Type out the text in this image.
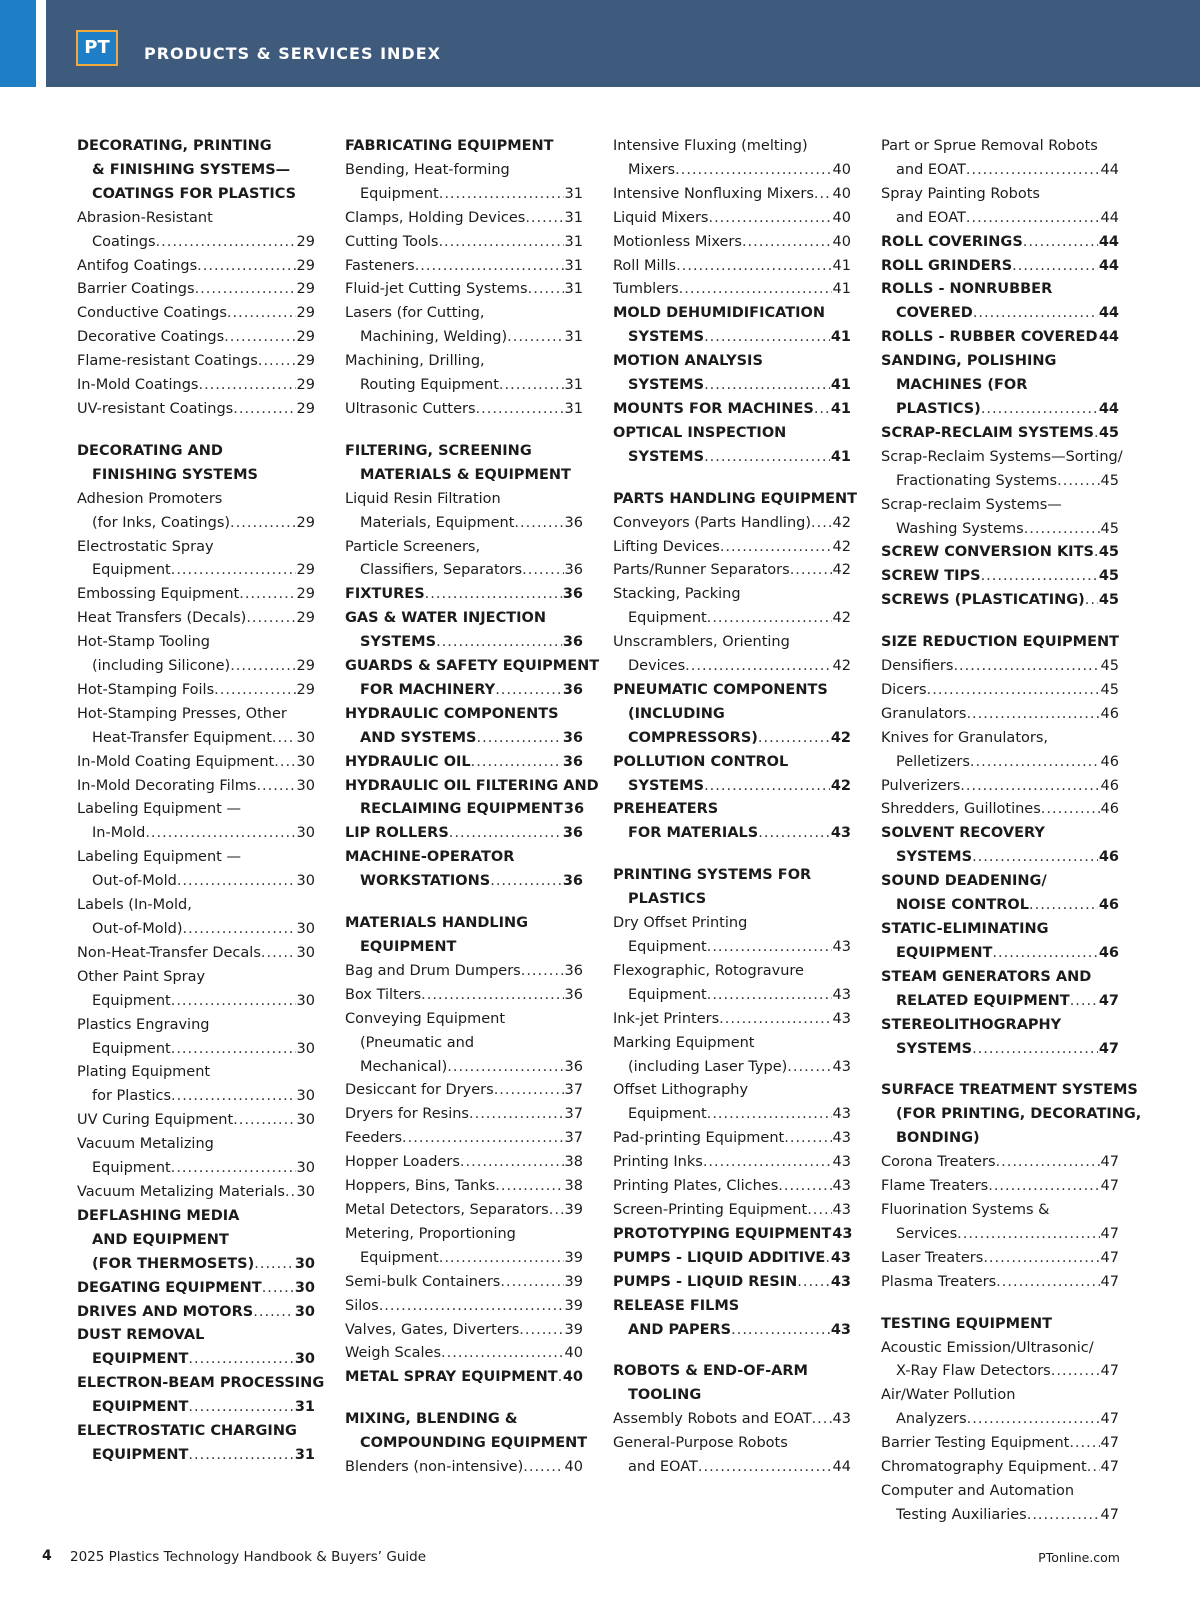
PT	PRODUCTS & SERVICES INDEX
DECORATING, PRINTING
& FINISHING SYSTEMS—
COATINGS FOR PLASTICS
Abrasion-Resistant
Coatings .....	29
Antifog Coatings .....	29
Barrier Coatings .....	29
Conductive Coatings .....	29
Decorative Coatings .....	29
Flame-resistant Coatings .....	29
In-Mold Coatings .....	29
UV-resistant Coatings .....	29
DECORATING AND
FINISHING SYSTEMS
Adhesion Promoters
(for Inks, Coatings) .....	29
Electrostatic Spray
Equipment .....	29
Embossing Equipment .....	29
Heat Transfers (Decals) .....	29
Hot-Stamp Tooling
(including Silicone) .....	29
Hot-Stamping Foils .....	29
Hot-Stamping Presses, Other
Heat-Transfer Equipment ..... 30
In-Mold Coating Equipment ..... 30
In-Mold Decorating Films .....	30
Labeling Equipment —
In-Mold .....	30
Labeling Equipment —
Out-of-Mold .....	30
Labels (In-Mold,
Out-of-Mold) .....	30
Non-Heat-Transfer Decals ..... 30
Other Paint Spray
Equipment .....	30
Plastics Engraving
Equipment .....	30
Plating Equipment
for Plastics .....	30
UV Curing Equipment .....	30
Vacuum Metalizing
Equipment .....	30
Vacuum Metalizing Materials ..... 30
DEFLASHING MEDIA
AND EQUIPMENT
(FOR THERMOSETS) .....	30
DEGATING EQUIPMENT ..... 30
DRIVES AND MOTORS .....	30
DUST REMOVAL
EQUIPMENT .....	30
ELECTRON-BEAM PROCESSING
EQUIPMENT .....	31
ELECTROSTATIC CHARGING
EQUIPMENT .....	31
FABRICATING EQUIPMENT
Bending, Heat-forming
Equipment .....	31
Clamps, Holding Devices .....	31
Cutting Tools .....	31
Fasteners .....	31
Fluid-jet Cutting Systems .....	31
Lasers (for Cutting,
Machining, Welding) .....	31
Machining, Drilling,
Routing Equipment .....	31
Ultrasonic Cutters .....	31
FILTERING, SCREENING
MATERIALS & EQUIPMENT
Liquid Resin Filtration
Materials, Equipment .....	36
Particle Screeners,
Classifiers, Separators .....	36
FIXTURES .....	36
GAS & WATER INJECTION
SYSTEMS .....	36
GUARDS & SAFETY EQUIPMENT
FOR MACHINERY .....	36
HYDRAULIC COMPONENTS
AND SYSTEMS .....	36
HYDRAULIC OIL .....	36
HYDRAULIC OIL FILTERING AND
RECLAIMING EQUIPMENT 36
LIP ROLLERS .....	36
MACHINE-OPERATOR
WORKSTATIONS .....	36
MATERIALS HANDLING
EQUIPMENT
Bag and Drum Dumpers .....	36
Box Tilters .....	36
Conveying Equipment
(Pneumatic and
Mechanical) .....	36
Desiccant for Dryers .....	37
Dryers for Resins .....	37
Feeders .....	37
Hopper Loaders .....	38
Hoppers, Bins, Tanks .....	38
Metal Detectors, Separators ..... 39
Metering, Proportioning
Equipment .....	39
Semi-bulk Containers .....	39
Silos .....	39
Valves, Gates, Diverters .....	39
Weigh Scales .....	40
METAL SPRAY EQUIPMENT ..... 40
MIXING, BLENDING &
COMPOUNDING EQUIPMENT
Blenders (non-intensive) .....	40
Intensive Fluxing (melting)
Mixers .....	40
Intensive Nonfluxing Mixers ..... 40
Liquid Mixers .....	40
Motionless Mixers .....	40
Roll Mills .....	41
Tumblers .....	41
MOLD DEHUMIDIFICATION
SYSTEMS .....	41
MOTION ANALYSIS
SYSTEMS .....	41
MOUNTS FOR MACHINES ..... 41
OPTICAL INSPECTION
SYSTEMS .....	41
PARTS HANDLING EQUIPMENT
Conveyors (Parts Handling) ..... 42
Lifting Devices .....	42
Parts/Runner Separators .....	42
Stacking, Packing
Equipment .....	42
Unscramblers, Orienting
Devices .....	42
PNEUMATIC COMPONENTS
(INCLUDING
COMPRESSORS) .....	42
POLLUTION CONTROL
SYSTEMS .....	42
PREHEATERS
FOR MATERIALS .....	43
PRINTING SYSTEMS FOR
PLASTICS
Dry Offset Printing
Equipment .....	43
Flexographic, Rotogravure
Equipment .....	43
Ink-jet Printers .....	43
Marking Equipment
(including Laser Type) .....	43
Offset Lithography
Equipment .....	43
Pad-printing Equipment .....	43
Printing Inks .....	43
Printing Plates, Cliches .....	43
Screen-Printing Equipment ..... 43
PROTOTYPING EQUIPMENT 43
PUMPS - LIQUID ADDITIVE ..... 43
PUMPS - LIQUID RESIN ..... 43
RELEASE FILMS
AND PAPERS .....	43
ROBOTS & END-OF-ARM
TOOLING
Assembly Robots and EOAT ..... 43
General-Purpose Robots
and EOAT .....	44
Part or Sprue Removal Robots
and EOAT .....	44
Spray Painting Robots
and EOAT .....	44
ROLL COVERINGS .....	44
ROLL GRINDERS .....	44
ROLLS - NONRUBBER
COVERED .....	44
ROLLS - RUBBER COVERED ..... 44
SANDING, POLISHING
MACHINES (FOR
PLASTICS) .....	44
SCRAP-RECLAIM SYSTEMS ..... 45
Scrap-Reclaim Systems—Sorting/
Fractionating Systems .....	45
Scrap-reclaim Systems—
Washing Systems .....	45
SCREW CONVERSION KITS ..... 45
SCREW TIPS .....	45
SCREWS (PLASTICATING) ..... 45
SIZE REDUCTION EQUIPMENT
Densifiers .....	45
Dicers .....	45
Granulators .....	46
Knives for Granulators,
Pelletizers .....	46
Pulverizers .....	46
Shredders, Guillotines .....	46
SOLVENT RECOVERY
SYSTEMS .....	46
SOUND DEADENING/
NOISE CONTROL .....	46
STATIC-ELIMINATING
EQUIPMENT .....	46
STEAM GENERATORS AND
RELATED EQUIPMENT ..... 47
STEREOLITHOGRAPHY
SYSTEMS .....	47
SURFACE TREATMENT SYSTEMS
(FOR PRINTING, DECORATING,
BONDING)
Corona Treaters .....	47
Flame Treaters .....	47
Fluorination Systems &
Services .....	47
Laser Treaters .....	47
Plasma Treaters .....	47
TESTING EQUIPMENT
Acoustic Emission/Ultrasonic/
X-Ray Flaw Detectors .....	47
Air/Water Pollution
Analyzers .....	47
Barrier Testing Equipment ..... 47
Chromatography Equipment ..... 47
Computer and Automation
Testing Auxiliaries .....	47
4 2025 Plastics Technology Handbook & Buyers’ Guide	PTonline.com
